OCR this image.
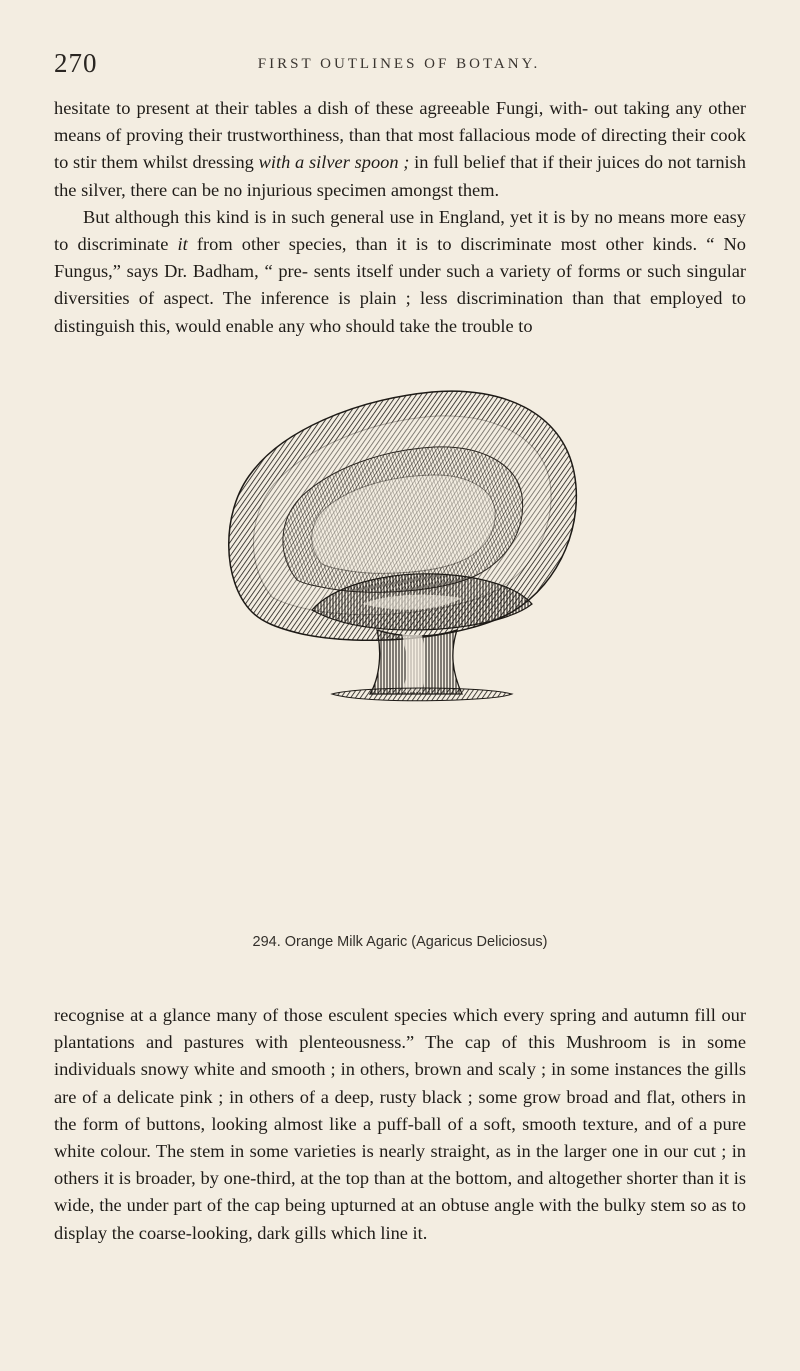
270	FIRST OUTLINES OF BOTANY.

hesitate to present at their tables a dish of these agreeable Fungi, with- out taking any other means of proving their trustworthiness, than that most fallacious mode of directing their cook to stir them whilst dressing with a silver spoon ; in full belief that if their juices do not tarnish the silver, there can be no injurious specimen amongst them.

But although this kind is in such general use in England, yet it is by no means more easy to discriminate it from other species, than it is to discriminate most other kinds. “ No Fungus,” says Dr. Badham, “ pre- sents itself under such a variety of forms or such singular diversities of aspect. The inference is plain ; less discrimination than that employed to distinguish this, would enable any who should take the trouble to

294. Orange Milk Agaric (Agaricus Deliciosus)

recognise at a glance many of those esculent species which every spring and autumn fill our plantations and pastures with plenteousness.” The cap of this Mushroom is in some individuals snowy white and smooth ; in others, brown and scaly ; in some instances the gills are of a delicate pink ; in others of a deep, rusty black ; some grow broad and flat, others in the form of buttons, looking almost like a puff-ball of a soft, smooth texture, and of a pure white colour. The stem in some varieties is nearly straight, as in the larger one in our cut ; in others it is broader, by one-third, at the top than at the bottom, and altogether shorter than it is wide, the under part of the cap being upturned at an obtuse angle with the bulky stem so as to display the coarse-looking, dark gills which line it.
